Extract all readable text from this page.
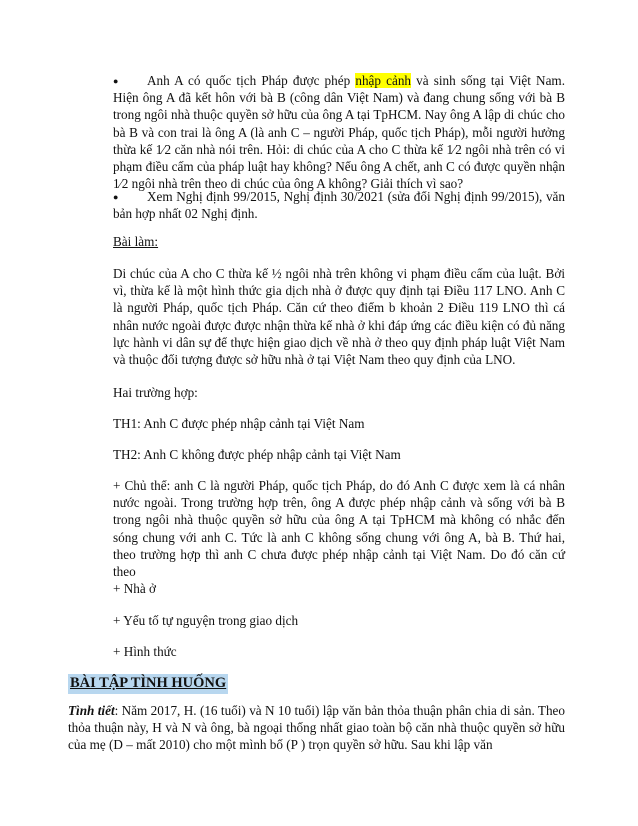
●	Anh A có quốc tịch Pháp được phép nhập cảnh và sinh sống tại Việt Nam. Hiện ông A đã kết hôn với bà B (công dân Việt Nam) và đang chung sống với bà B trong ngôi nhà thuộc quyền sở hữu của ông A tại TpHCM. Nay ông A lập di chúc cho bà B và con trai là ông A (là anh C – người Pháp, quốc tịch Pháp), mỗi người hưởng thừa kế 1⁄2 căn nhà nói trên. Hỏi: di chúc của A cho C thừa kế 1⁄2 ngôi nhà trên có vi phạm điều cấm của pháp luật hay không? Nếu ông A chết, anh C có được quyền nhận 1⁄2 ngôi nhà trên theo di chúc của ông A không? Giải thích vì sao?

●	Xem Nghị định 99/2015, Nghị định 30/2021 (sửa đổi Nghị định 99/2015), văn bản hợp nhất 02 Nghị định.

Bài làm:

Di chúc của A cho C thừa kế ½ ngôi nhà trên không vi phạm điều cấm của luật. Bởi vì, thừa kế là một hình thức gia dịch nhà ở được quy định tại Điều 117 LNO. Anh C là người Pháp, quốc tịch Pháp. Căn cứ theo điểm b khoản 2 Điều 119 LNO thì cá nhân nước ngoài được được nhận thừa kế nhà ở khi đáp ứng các điều kiện có đủ năng lực hành vi dân sự để thực hiện giao dịch về nhà ở theo quy định pháp luật Việt Nam và thuộc đối tượng được sở hữu nhà ở tại Việt Nam theo quy định của LNO.

Hai trường hợp:

TH1: Anh C được phép nhập cảnh tại Việt Nam

TH2: Anh C không được phép nhập cảnh tại Việt Nam

+ Chủ thể: anh C là người Pháp, quốc tịch Pháp, do đó Anh C được xem là cá nhân nước ngoài. Trong trường hợp trên, ông A được phép nhập cảnh và sống với bà B trong ngôi nhà thuộc quyền sở hữu của ông A tại TpHCM mà không có nhắc đến sóng chung với anh C. Tức là anh C không sống chung với ông A, bà B. Thứ hai, theo trường hợp thì anh C chưa được phép nhập cảnh tại Việt Nam. Do đó căn cứ theo

+ Nhà ở

+ Yếu tố tự nguyện trong giao dịch

+ Hình thức

BÀI TẬP TÌNH HUỐNG

Tình tiết: Năm 2017, H. (16 tuổi) và N 10 tuổi) lập văn bản thỏa thuận phân chia di sản. Theo thỏa thuận này, H và N và ông, bà ngoại thống nhất giao toàn bộ căn nhà thuộc quyền sở hữu của mẹ (D – mất 2010) cho một mình bố (P ) trọn quyền sở hữu. Sau khi lập văn
